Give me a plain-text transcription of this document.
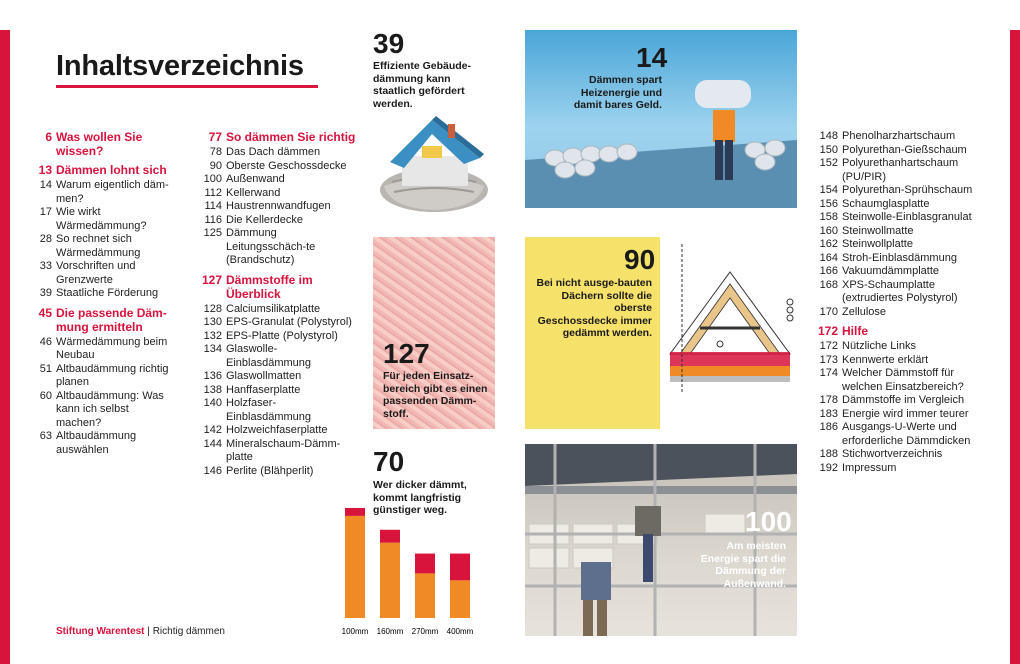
Inhaltsverzeichnis
6 Was wollen Sie wissen?
13 Dämmen lohnt sich
14 Warum eigentlich däm-men?
17 Wie wirkt Wärmedämmung?
28 So rechnet sich Wärmedämmung
33 Vorschriften und Grenzwerte
39 Staatliche Förderung
45 Die passende Däm-mung ermitteln
46 Wärmedämmung beim Neubau
51 Altbaudämmung richtig planen
60 Altbaudämmung: Was kann ich selbst machen?
63 Altbaudämmung auswählen
77 So dämmen Sie richtig
78 Das Dach dämmen
90 Oberste Geschossdecke
100 Außenwand
112 Kellerwand
114 Haustrennwandfugen
116 Die Kellerdecke
125 Dämmung Leitungsschäch-te (Brandschutz)
127 Dämmstoffe im Überblick
128 Calciumsilikatplatte
130 EPS-Granulat (Polystyrol)
132 EPS-Platte (Polystyrol)
134 Glaswolle-Einblasdämmung
136 Glaswollmatten
138 Hanffaserplatte
140 Holzfaser-Einblasdämmung
142 Holzweichfaserplatte
144 Mineralschaum-Dämm-platte
146 Perlite (Blähperlit)
148 Phenolharzhartschaum
150 Polyurethan-Gießschaum
152 Polyurethanhartschaum (PU/PIR)
154 Polyurethan-Sprühschaum
156 Schaumglasplatte
158 Steinwolle-Einblasgranulat
160 Steinwollmatte
162 Steinwollplatte
164 Stroh-Einblasdämmung
166 Vakuumdämmplatte
168 XPS-Schaumplatte (extrudiertes Polystyrol)
170 Zellulose
172 Hilfe
172 Nützliche Links
173 Kennwerte erklärt
174 Welcher Dämmstoff für welchen Einsatzbereich?
178 Dämmstoffe im Vergleich
183 Energie wird immer teurer
186 Ausgangs-U-Werte und erforderliche Dämmdicken
188 Stichwortverzeichnis
192 Impressum
39
Effiziente Gebäude-dämmung kann staatlich gefördert werden.
14
Dämmen spart Heizenergie und damit bares Geld.
127
Für jeden Einsatz-bereich gibt es einen passenden Dämm-stoff.
90
Bei nicht ausge-bauten Dächern sollte die oberste Geschossdecke immer gedämmt werden.
70
Wer dicker dämmt, kommt langfristig günstiger weg.
100mm 160mm 270mm 400mm
100
Am meisten Energie spart die Dämmung der Außenwand.
Stiftung Warentest | Richtig dämmen
